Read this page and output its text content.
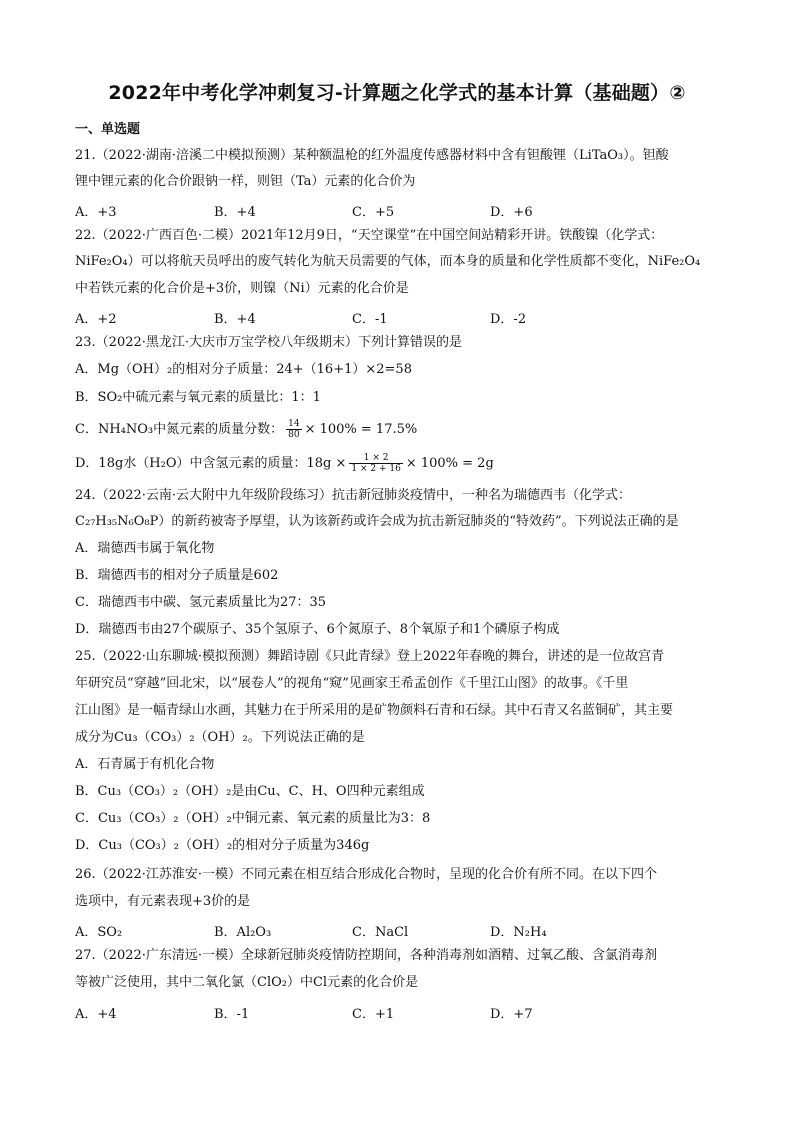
2022年中考化学冲刺复习-计算题之化学式的基本计算（基础题）②
一、单选题
21.（2022·湖南·涪溪二中模拟预测）某种额温枪的红外温度传感器材料中含有钽酸锂（LiTaO₃）。钽酸
锂中锂元素的化合价跟钠一样，则钽（Ta）元素的化合价为
A．+3	B．+4	C．+5	D．+6
22.（2022·广西百色·二模）2021年12月9日，“天空课堂”在中国空间站精彩开讲。铁酸镍（化学式：
NiFe₂O₄）可以将航天员呼出的废气转化为航天员需要的气体，而本身的质量和化学性质都不变化，NiFe₂O₄
中若铁元素的化合价是+3价，则镍（Ni）元素的化合价是
A．+2	B．+4	C．-1	D．-2
23.（2022·黑龙江·大庆市万宝学校八年级期末）下列计算错误的是
A．Mg（OH）₂的相对分子质量：24+（16+1）×2=58
B．SO₂中硫元素与氧元素的质量比：1：1
C．NH₄NO₃中氮元素的质量分数： $\frac{14}{80} \times 100\% = 17.5\%$
D．18g水（H₂O）中含氢元素的质量：$18g \times \frac{1 \times 2}{1 \times 2 + 16} \times 100\% = 2g$
24.（2022·云南·云大附中九年级阶段练习）抗击新冠肺炎疫情中，一种名为瑞德西韦（化学式：
C₂₇H₃₅N₆O₈P）的新药被寄予厚望，认为该新药或许会成为抗击新冠肺炎的“特效药”。下列说法正确的是
A．瑞德西韦属于氧化物
B．瑞德西韦的相对分子质量是602
C．瑞德西韦中碳、氢元素质量比为27：35
D．瑞德西韦由27个碳原子、35个氢原子、6个氮原子、8个氧原子和1个磷原子构成
25.（2022·山东聊城·模拟预测）舞蹈诗剧《只此青绿》登上2022年春晚的舞台，讲述的是一位故宫青
年研究员“穿越”回北宋，以“展卷人”的视角“窥”见画家王希孟创作《千里江山图》的故事。《千里
江山图》是一幅青绿山水画，其魅力在于所采用的是矿物颜料石青和石绿。其中石青又名蓝铜矿，其主要
成分为Cu₃（CO₃）₂（OH）₂。下列说法正确的是
A．石青属于有机化合物
B．Cu₃（CO₃）₂（OH）₂是由Cu、C、H、O四种元素组成
C．Cu₃（CO₃）₂（OH）₂中铜元素、氧元素的质量比为3：8
D．Cu₃（CO₃）₂（OH）₂的相对分子质量为346g
26.（2022·江苏淮安·一模）不同元素在相互结合形成化合物时，呈现的化合价有所不同。在以下四个
选项中，有元素表现+3价的是
A．SO₂	B．Al₂O₃	C．NaCl	D．N₂H₄
27.（2022·广东清远·一模）全球新冠肺炎疫情防控期间，各种消毒剂如酒精、过氧乙酸、含氯消毒剂
等被广泛使用，其中二氧化氯（ClO₂）中Cl元素的化合价是
A．+4	B．-1	C．+1	D．+7
